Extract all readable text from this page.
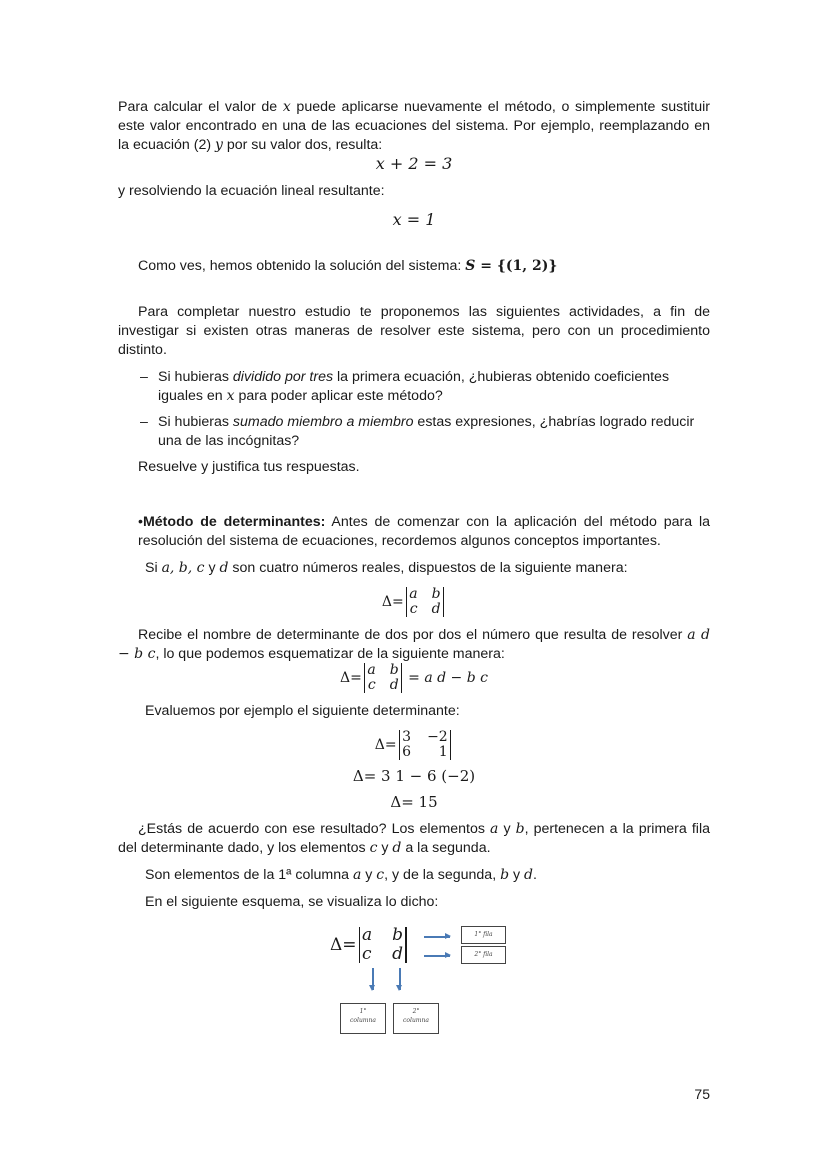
Para calcular el valor de x puede aplicarse nuevamente el método, o simplemente sustituir este valor encontrado en una de las ecuaciones del sistema. Por ejemplo, reemplazando en la ecuación (2) y por su valor dos, resulta:
x + 2 = 3
y resolviendo la ecuación lineal resultante:
x = 1
Como ves, hemos obtenido la solución del sistema: S = {(1, 2)}
Para completar nuestro estudio te proponemos las siguientes actividades, a fin de investigar si existen otras maneras de resolver este sistema, pero con un procedimiento distinto.
– Si hubieras dividido por tres la primera ecuación, ¿hubieras obtenido coeficientes iguales en x para poder aplicar este método?
– Si hubieras sumado miembro a miembro estas expresiones, ¿habrías logrado reducir una de las incógnitas?
Resuelve y justifica tus respuestas.
•Método de determinantes: Antes de comenzar con la aplicación del método para la resolución del sistema de ecuaciones, recordemos algunos conceptos importantes.
Si a, b, c y d son cuatro números reales, dispuestos de la siguiente manera:
Δ= a b
c d
Recibe el nombre de determinante de dos por dos el número que resulta de resolver a d − b c, lo que podemos esquematizar de la siguiente manera:
Δ= a b
c d = a d − b c
Evaluemos por ejemplo el siguiente determinante:
Δ= 3 −2
6	1
Δ= 3 1 − 6 (−2)
Δ= 15
¿Estás de acuerdo con ese resultado? Los elementos a y b, pertenecen a la primera fila del determinante dado, y los elementos c y d a la segunda.
Son elementos de la 1ª columna a y c, y de la segunda, b y d.
En el siguiente esquema, se visualiza lo dicho:
Δ= a b
c d
1° fila
2° fila
1°
columna
2°
columna
75
